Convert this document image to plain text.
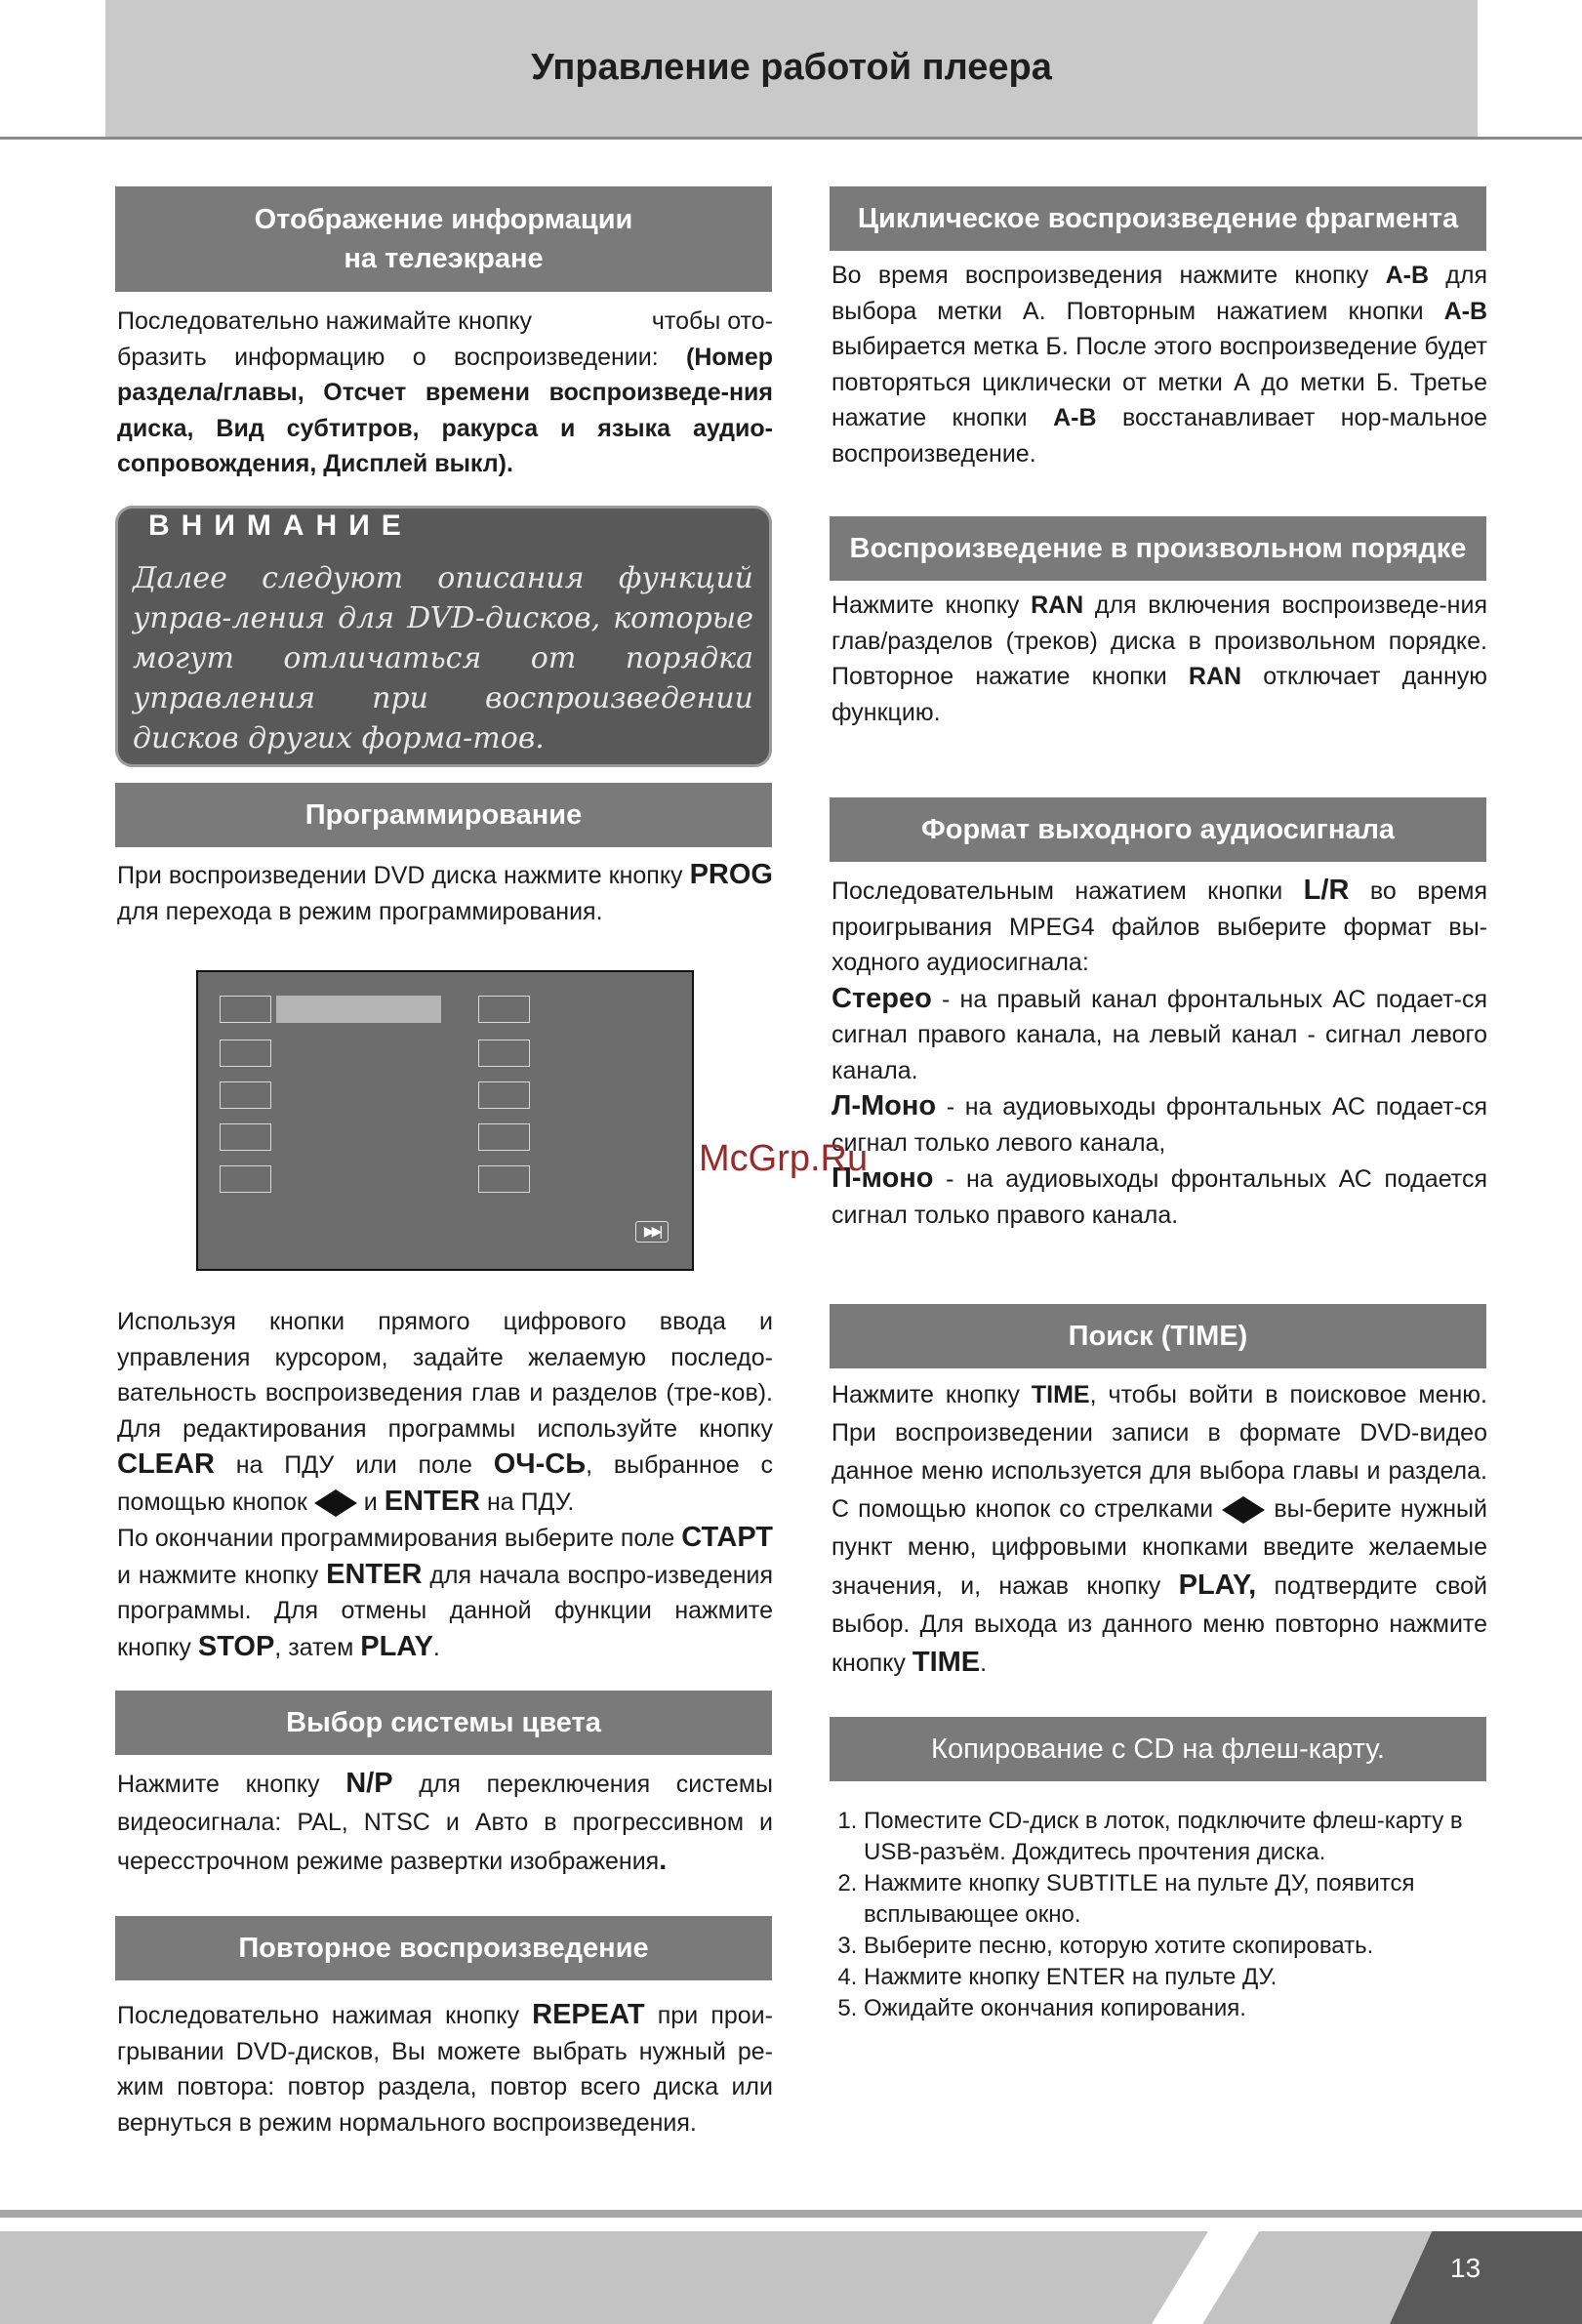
Управление работой плеера
Отображение информации
на телеэкране
Последовательно нажимайте кнопку	чтобы ото-
бразить информацию о воспроизведении: (Номер раздела/главы, Отсчет времени воспроизведе-ния диска, Вид субтитров, ракурса и языка аудио-сопровождения, Дисплей выкл).
ВНИМАНИЕ
Далее следуют описания функций управ-ления для DVD-дисков, которые могут отличаться от порядка управления при воспроизведении дисков других форма-тов.
Программирование
При воспроизведении DVD диска нажмите кнопку PROG для перехода в режим программирования.
▶▶|
Используя кнопки прямого цифрового ввода и управления курсором, задайте желаемую последо-вательность воспроизведения глав и разделов (тре-ков). Для редактирования программы используйте кнопку CLEAR на ПДУ или поле ОЧ-СЬ, выбранное с помощью кнопок и ENTER на ПДУ.
По окончании программирования выберите поле СТАРТ и нажмите кнопку ENTER для начала воспро-изведения программы. Для отмены данной функции нажмите кнопку STOP, затем PLAY.
Выбор системы цвета
Нажмите кнопку N/P для переключения системы видеосигнала: PAL, NTSC и Авто в прогрессивном и чересстрочном режиме развертки изображения.
Повторное воспроизведение
Последовательно нажимая кнопку REPEAT при прои-грывании DVD-дисков, Вы можете выбрать нужный ре-жим повтора: повтор раздела, повтор всего диска или вернуться в режим нормального воспроизведения.
Циклическое воспроизведение фрагмента
Во время воспроизведения нажмите кнопку A-B для выбора метки А. Повторным нажатием кнопки A-B выбирается метка Б. После этого воспроизведение будет повторяться циклически от метки А до метки Б. Третье нажатие кнопки A-B восстанавливает нор-мальное воспроизведение.
Воспроизведение в произвольном порядке
Нажмите кнопку RAN для включения воспроизведе-ния глав/разделов (треков) диска в произвольном порядке. Повторное нажатие кнопки RAN отключает данную функцию.
Формат выходного аудиосигнала
Последовательным нажатием кнопки L/R во время проигрывания MPEG4 файлов выберите формат вы-ходного аудиосигнала:
Стерео - на правый канал фронтальных АС подает-ся сигнал правого канала, на левый канал - сигнал левого канала.
Л-Моно - на аудиовыходы фронтальных АС подает-ся сигнал только левого канала,
П-моно - на аудиовыходы фронтальных АС подается сигнал только правого канала.
McGrp.Ru
Поиск (TIME)
Нажмите кнопку TIME, чтобы войти в поисковое меню. При воспроизведении записи в формате DVD-видео данное меню используется для выбора главы и раздела. С помощью кнопок со стрелками вы-берите нужный пункт меню, цифровыми кнопками введите желаемые значения, и, нажав кнопку PLAY, подтвердите свой выбор. Для выхода из данного меню повторно нажмите кнопку TIME.
Копирование с CD на флеш-карту.
1. Поместите CD-диск в лоток, подключите флеш-карту в USB-разъём. Дождитесь прочтения диска.
2. Нажмите кнопку SUBTITLE на пульте ДУ, появится всплывающее окно.
3. Выберите песню, которую хотите скопировать.
4. Нажмите кнопку ENTER на пульте ДУ.
5. Ожидайте окончания копирования.
13
